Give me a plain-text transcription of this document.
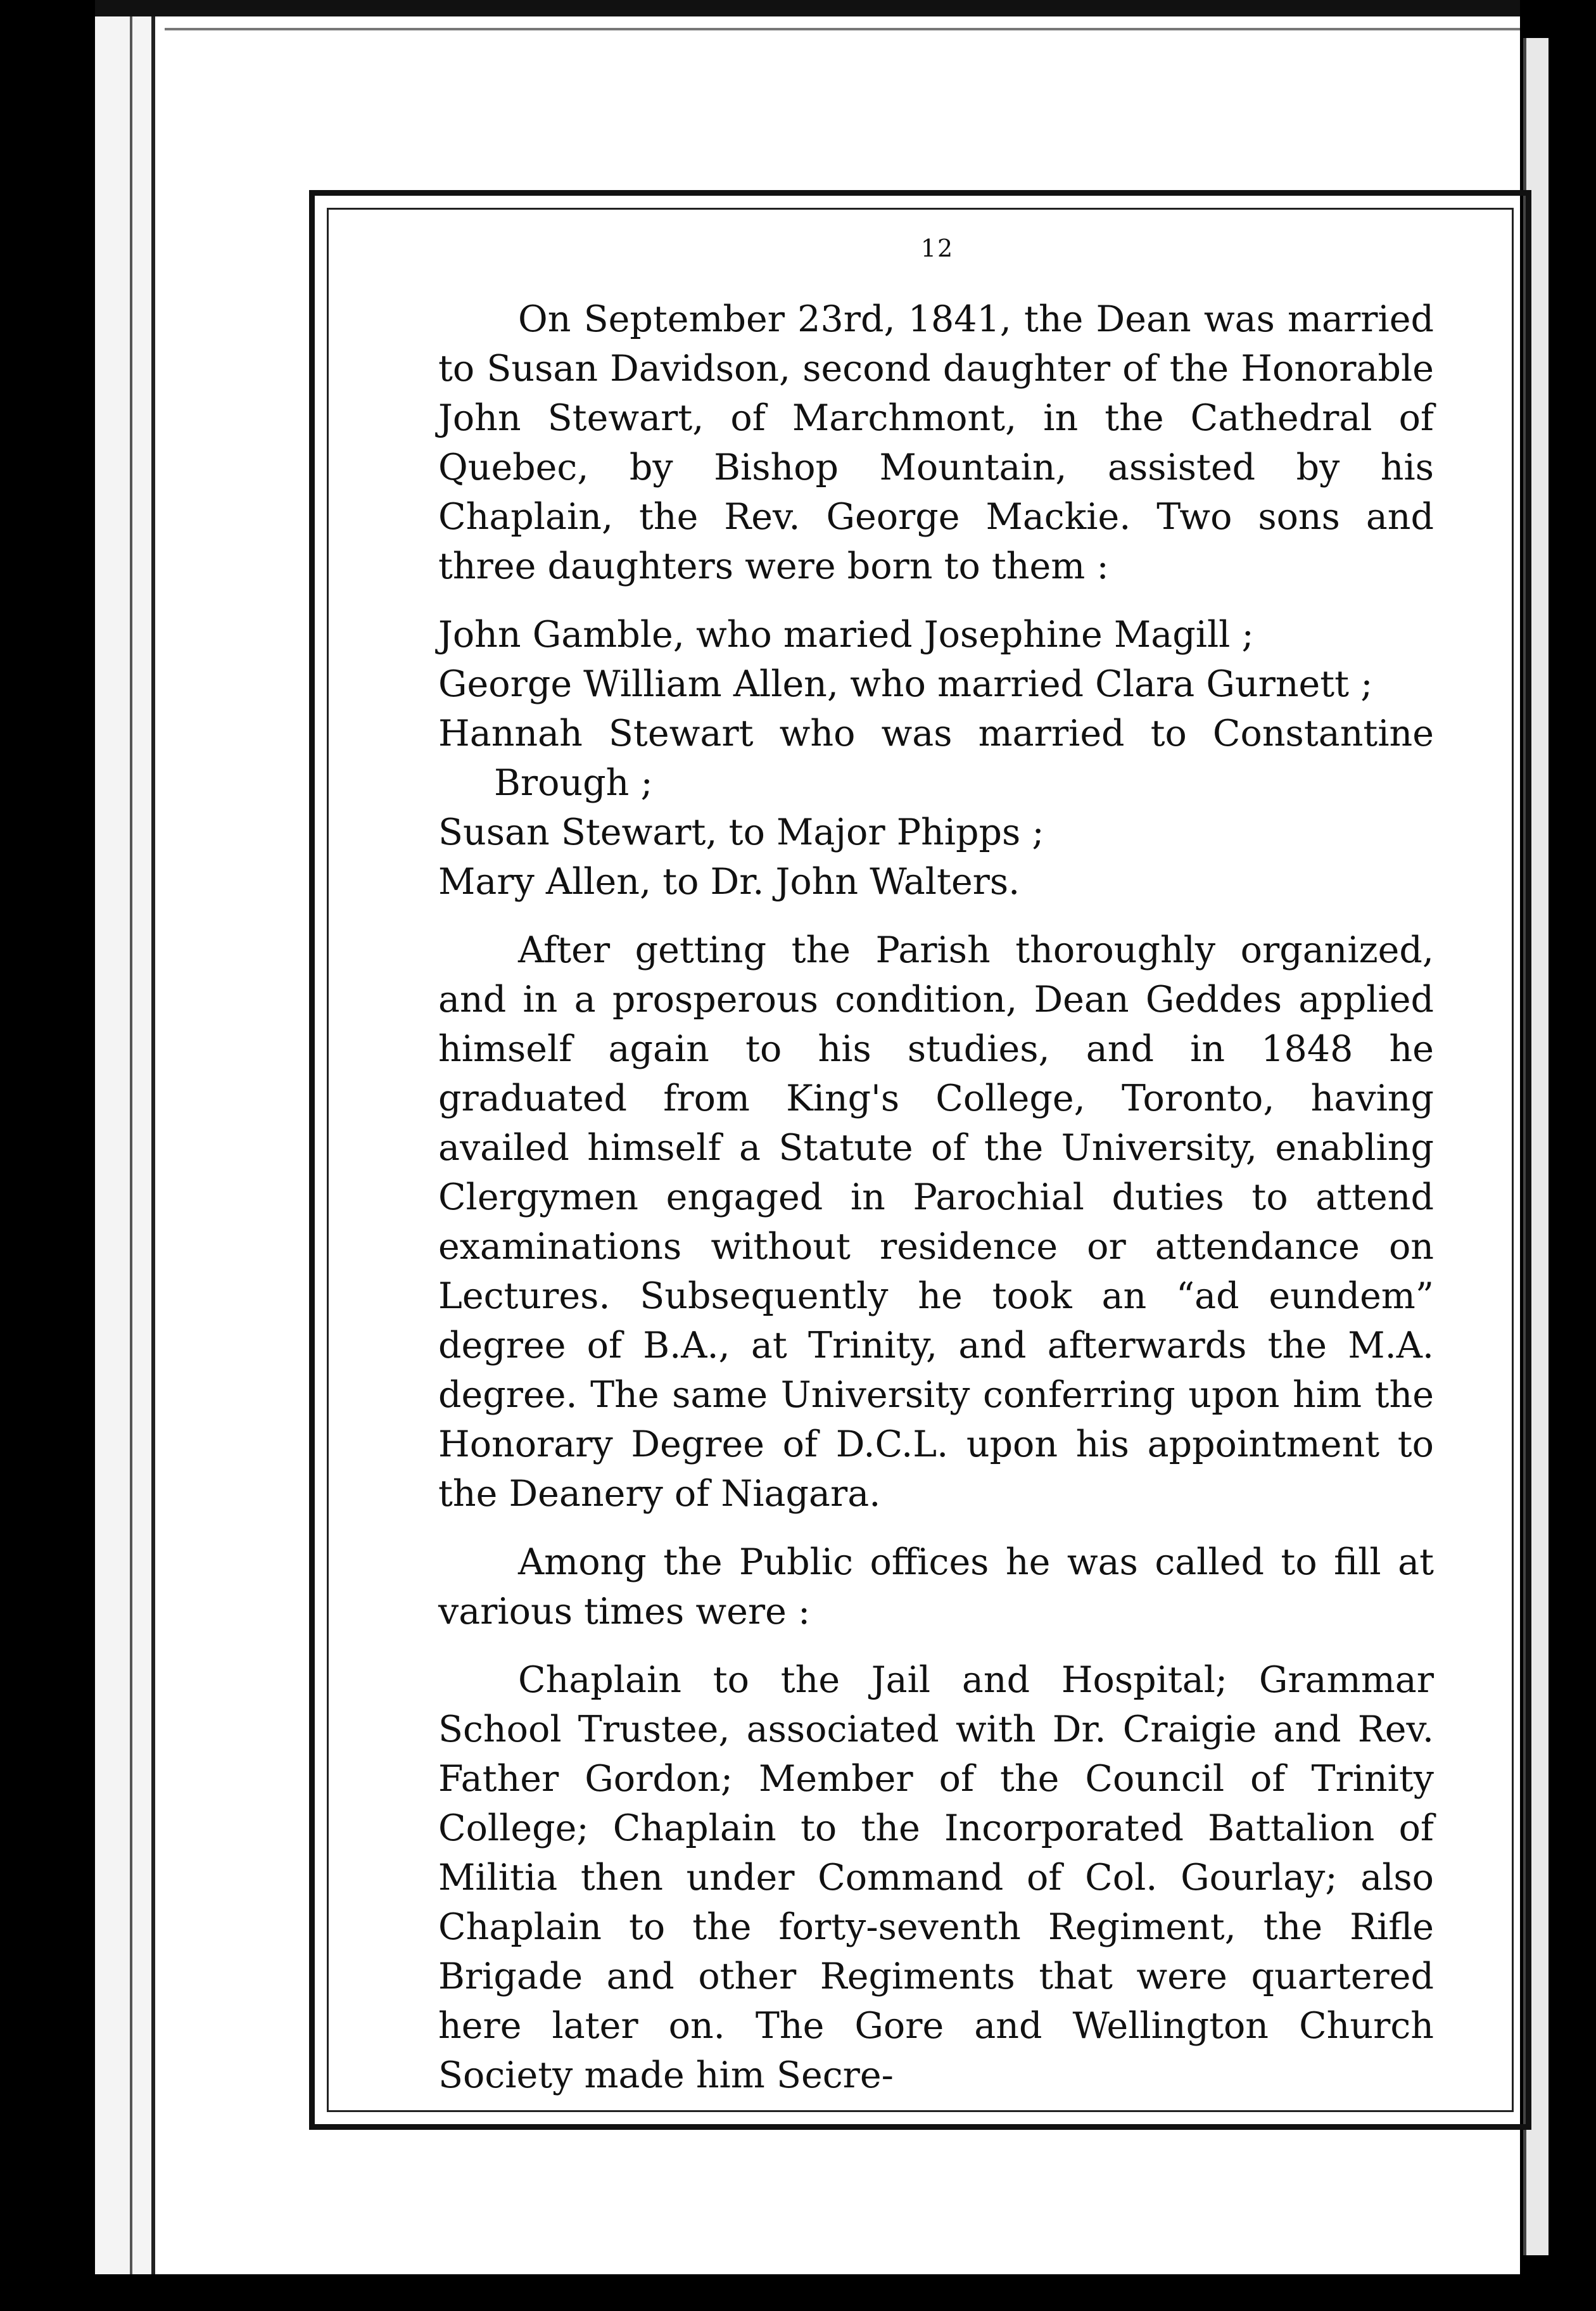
12

On September 23rd, 1841, the Dean was married to Susan Davidson, second daughter of the Honorable John Stewart, of Marchmont, in the Cathedral of Quebec, by Bishop Mountain, assisted by his Chaplain, the Rev. George Mackie. Two sons and three daughters were born to them :

John Gamble, who maried Josephine Magill ;
George William Allen, who married Clara Gurnett ;
Hannah Stewart who was married to Constantine Brough ;
Susan Stewart, to Major Phipps ;
Mary Allen, to Dr. John Walters.

After getting the Parish thoroughly organized, and in a prosperous condition, Dean Geddes applied himself again to his studies, and in 1848 he graduated from King's College, Toronto, having availed himself a Statute of the University, enabling Clergymen engaged in Parochial duties to attend examinations without residence or attendance on Lectures. Subsequently he took an “ad eundem” degree of B.A., at Trinity, and afterwards the M.A. degree. The same University conferring upon him the Honorary Degree of D.C.L. upon his appointment to the Deanery of Niagara.

Among the Public offices he was called to fill at various times were :

Chaplain to the Jail and Hospital; Grammar School Trustee, associated with Dr. Craigie and Rev. Father Gordon; Member of the Council of Trinity College; Chaplain to the Incorporated Battalion of Militia then under Command of Col. Gourlay; also Chaplain to the forty-seventh Regiment, the Rifle Brigade and other Regiments that were quartered here later on. The Gore and Wellington Church Society made him Secre-
